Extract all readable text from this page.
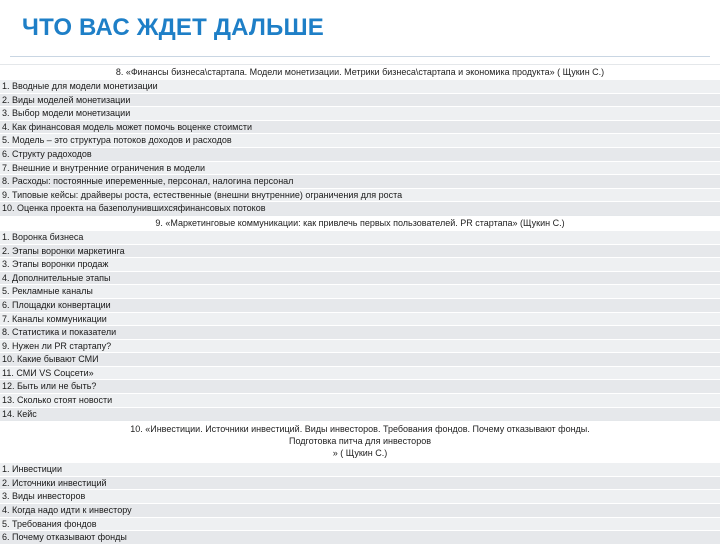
ЧТО ВАС ЖДЕТ ДАЛЬШЕ
8. «Финансы бизнеса\стартапа. Модели монетизации. Метрики бизнеса\стартапа и экономика продукта» ( Щукин С.)
1. Вводные для модели монетизации
2. Виды моделей монетизации
3. Выбор модели монетизации
4. Как финансовая модель может помочь воценке стоимсти
5. Модель – это структура потоков доходов и расходов
6. Структу радоходов
7. Внешние и внутренние ограничения в модели
8. Расходы: постоянные ипеременные, персонал, налогина персонал
9. Типовые кейсы: драйверы роста, естественные (внешни внутренние) ограничения для роста
10. Оценка проекта на базеполунившихсяфинансовых потоков
9. «Маркетинговые коммуникации: как привлечь первых пользователей. PR стартапа» (Щукин С.)
1. Воронка бизнеса
2. Этапы воронки маркетинга
3. Этапы воронки продаж
4. Дополнительные этапы
5. Рекламные каналы
6. Площадки конвертации
7. Каналы коммуникации
8. Статистика и показатели
9. Нужен ли PR стартапу?
10. Какие бывают СМИ
11. СМИ VS Соцсети»
12. Быть или не быть?
13. Сколько стоят новости
14. Кейс
10. «Инвестиции. Источники инвестиций. Виды инвесторов. Требования фондов. Почему отказывают фонды.
Подготовка питча для инвесторов
» ( Щукин С.)
1. Инвестиции
2. Источники инвестиций
3. Виды инвесторов
4. Когда надо идти к инвестору
5. Требования фондов
6. Почему отказывают фонды
